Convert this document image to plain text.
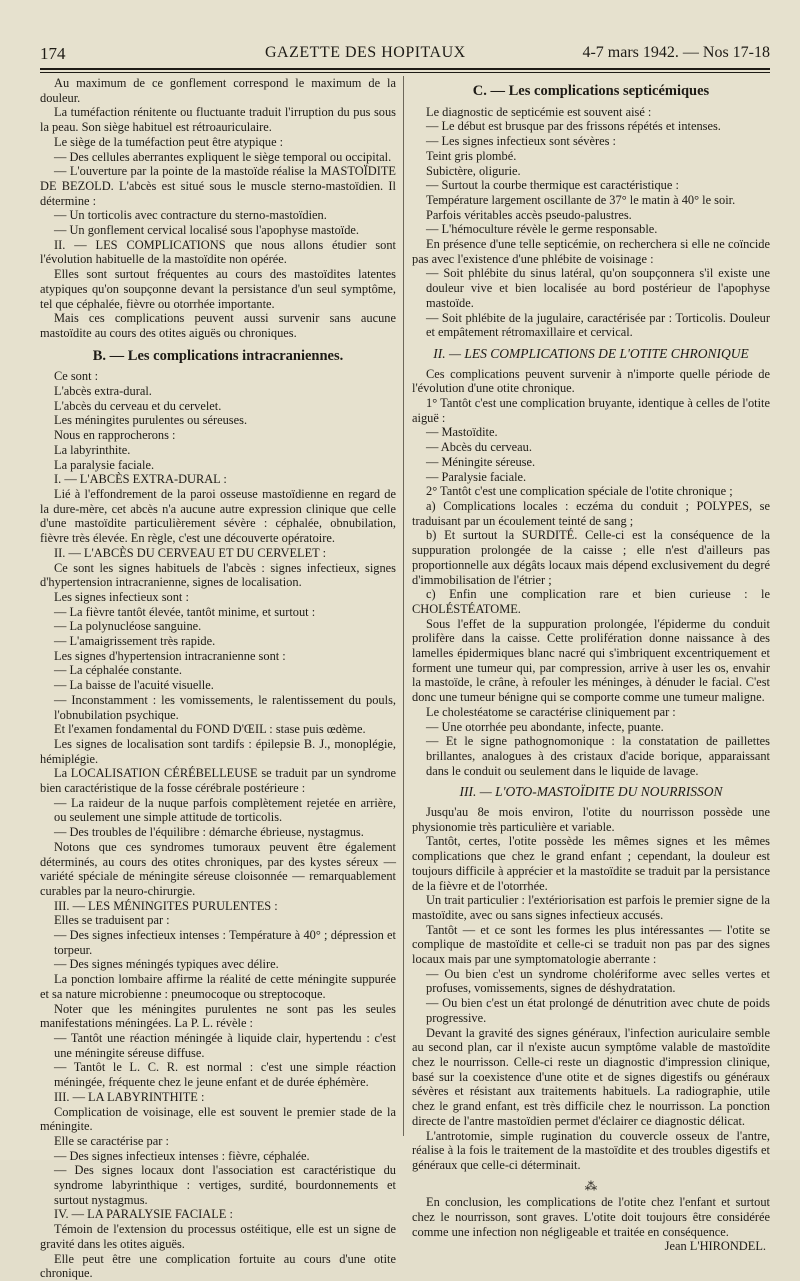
174	GAZETTE DES HOPITAUX	4-7 mars 1942. — Nos 17-18

Au maximum de ce gonflement correspond le maximum de la douleur.

La tuméfaction rénitente ou fluctuante traduit l'irruption du pus sous la peau. Son siège habituel est rétroauriculaire.

Le siège de la tuméfaction peut être atypique :

— Des cellules aberrantes expliquent le siège temporal ou occipital.

— L'ouverture par la pointe de la mastoïde réalise la MASTOÏDITE DE BEZOLD. L'abcès est situé sous le muscle sterno-mastoïdien. Il détermine :

— Un torticolis avec contracture du sterno-mastoïdien.

— Un gonflement cervical localisé sous l'apophyse mastoïde.

II. — LES COMPLICATIONS que nous allons étudier sont l'évolution habituelle de la mastoïdite non opérée.

Elles sont surtout fréquentes au cours des mastoïdites latentes atypiques qu'on soupçonne devant la persistance d'un seul symptôme, tel que céphalée, fièvre ou otorrhée importante.

Mais ces complications peuvent aussi survenir sans aucune mastoïdite au cours des otites aiguës ou chroniques.

B. — Les complications intracraniennes.

Ce sont :

L'abcès extra-dural.

L'abcès du cerveau et du cervelet.

Les méningites purulentes ou séreuses.

Nous en rapprocherons :

La labyrinthite.

La paralysie faciale.

I. — L'ABCÈS EXTRA-DURAL :

Lié à l'effondrement de la paroi osseuse mastoïdienne en regard de la dure-mère, cet abcès n'a aucune autre expression clinique que celle d'une mastoïdite particulièrement sévère : céphalée, obnubilation, fièvre très élevée. En règle, c'est une découverte opératoire.

II. — L'ABCÈS DU CERVEAU ET DU CERVELET :

Ce sont les signes habituels de l'abcès : signes infectieux, signes d'hypertension intracranienne, signes de localisation.

Les signes infectieux sont :

— La fièvre tantôt élevée, tantôt minime, et surtout :

— La polynucléose sanguine.

— L'amaigrissement très rapide.

Les signes d'hypertension intracranienne sont :

— La céphalée constante.

— La baisse de l'acuité visuelle.

— Inconstamment : les vomissements, le ralentissement du pouls, l'obnubilation psychique.

Et l'examen fondamental du FOND D'ŒIL : stase puis œdème.

Les signes de localisation sont tardifs : épilepsie B. J., monoplégie, hémiplégie.

La LOCALISATION CÉRÉBELLEUSE se traduit par un syndrome bien caractéristique de la fosse cérébrale postérieure :

— La raideur de la nuque parfois complètement rejetée en arrière, ou seulement une simple attitude de torticolis.

— Des troubles de l'équilibre : démarche ébrieuse, nystagmus.

Notons que ces syndromes tumoraux peuvent être également déterminés, au cours des otites chroniques, par des kystes séreux — variété spéciale de méningite séreuse cloisonnée — remarquablement curables par la neuro-chirurgie.

III. — LES MÉNINGITES PURULENTES :

Elles se traduisent par :

— Des signes infectieux intenses : Température à 40° ; dépression et torpeur.

— Des signes méningés typiques avec délire.

La ponction lombaire affirme la réalité de cette méningite suppurée et sa nature microbienne : pneumocoque ou streptocoque.

Noter que les méningites purulentes ne sont pas les seules manifestations méningées. La P. L. révèle :

— Tantôt une réaction méningée à liquide clair, hypertendu : c'est une méningite séreuse diffuse.

— Tantôt le L. C. R. est normal : c'est une simple réaction méningée, fréquente chez le jeune enfant et de durée éphémère.

III. — LA LABYRINTHITE :

Complication de voisinage, elle est souvent le premier stade de la méningite.

Elle se caractérise par :

— Des signes infectieux intenses : fièvre, céphalée.

— Des signes locaux dont l'association est caractéristique du syndrome labyrinthique : vertiges, surdité, bourdonnements et surtout nystagmus.

IV. — LA PARALYSIE FACIALE :

Témoin de l'extension du processus ostéitique, elle est un signe de gravité dans les otites aiguës.

Elle peut être une complication fortuite au cours d'une otite chronique.

C. — Les complications septicémiques

Le diagnostic de septicémie est souvent aisé :

— Le début est brusque par des frissons répétés et intenses.

— Les signes infectieux sont sévères :

Teint gris plombé.

Subictère, oligurie.

— Surtout la courbe thermique est caractéristique :

Température largement oscillante de 37° le matin à 40° le soir.

Parfois véritables accès pseudo-palustres.

— L'hémoculture révèle le germe responsable.

En présence d'une telle septicémie, on recherchera si elle ne coïncide pas avec l'existence d'une phlébite de voisinage :

— Soit phlébite du sinus latéral, qu'on soupçonnera s'il existe une douleur vive et bien localisée au bord postérieur de l'apophyse mastoïde.

— Soit phlébite de la jugulaire, caractérisée par : Torticolis. Douleur et empâtement rétromaxillaire et cervical.

II. — LES COMPLICATIONS DE L'OTITE CHRONIQUE

Ces complications peuvent survenir à n'importe quelle période de l'évolution d'une otite chronique.

1° Tantôt c'est une complication bruyante, identique à celles de l'otite aiguë :

— Mastoïdite.

— Abcès du cerveau.

— Méningite séreuse.

— Paralysie faciale.

2° Tantôt c'est une complication spéciale de l'otite chronique ;

a) Complications locales : eczéma du conduit ; POLYPES, se traduisant par un écoulement teinté de sang ;

b) Et surtout la SURDITÉ. Celle-ci est la conséquence de la suppuration prolongée de la caisse ; elle n'est d'ailleurs pas proportionnelle aux dégâts locaux mais dépend exclusivement du degré d'immobilisation de l'étrier ;

c) Enfin une complication rare et bien curieuse : le CHOLÉSTÉATOME.

Sous l'effet de la suppuration prolongée, l'épiderme du conduit prolifère dans la caisse. Cette prolifération donne naissance à des lamelles épidermiques blanc nacré qui s'imbriquent excentriquement et forment une tumeur qui, par compression, arrive à user les os, envahir la mastoïde, le crâne, à refouler les méninges, à dénuder le facial. C'est donc une tumeur bénigne qui se comporte comme une tumeur maligne.

Le cholestéatome se caractérise cliniquement par :

— Une otorrhée peu abondante, infecte, puante.

— Et le signe pathognomonique : la constatation de paillettes brillantes, analogues à des cristaux d'acide borique, apparaissant dans le conduit ou seulement dans le liquide de lavage.

III. — L'OTO-MASTOÏDITE DU NOURRISSON

Jusqu'au 8e mois environ, l'otite du nourrisson possède une physionomie très particulière et variable.

Tantôt, certes, l'otite possède les mêmes signes et les mêmes complications que chez le grand enfant ; cependant, la douleur est toujours difficile à apprécier et la mastoïdite se traduit par la persistance de la fièvre et de l'otorrhée.

Un trait particulier : l'extériorisation est parfois le premier signe de la mastoïdite, avec ou sans signes infectieux accusés.

Tantôt — et ce sont les formes les plus intéressantes — l'otite se complique de mastoïdite et celle-ci se traduit non pas par des signes locaux mais par une symptomatologie aberrante :

— Ou bien c'est un syndrome cholériforme avec selles vertes et profuses, vomissements, signes de déshydratation.

— Ou bien c'est un état prolongé de dénutrition avec chute de poids progressive.

Devant la gravité des signes généraux, l'infection auriculaire semble au second plan, car il n'existe aucun symptôme valable de mastoïdite chez le nourrisson. Celle-ci reste un diagnostic d'impression clinique, basé sur la coexistence d'une otite et de signes digestifs ou généraux sévères et résistant aux traitements habituels. La radiographie, utile chez le grand enfant, est très difficile chez le nourrisson. La ponction directe de l'antre mastoïdien permet d'éclairer ce diagnostic délicat.

L'antrotomie, simple rugination du couvercle osseux de l'antre, réalise à la fois le traitement de la mastoïdite et des troubles digestifs et généraux que celle-ci déterminait.

⁂

En conclusion, les complications de l'otite chez l'enfant et surtout chez le nourrisson, sont graves. L'otite doit toujours être considérée comme une infection non négligeable et traitée en conséquence.

Jean L'HIRONDEL.
